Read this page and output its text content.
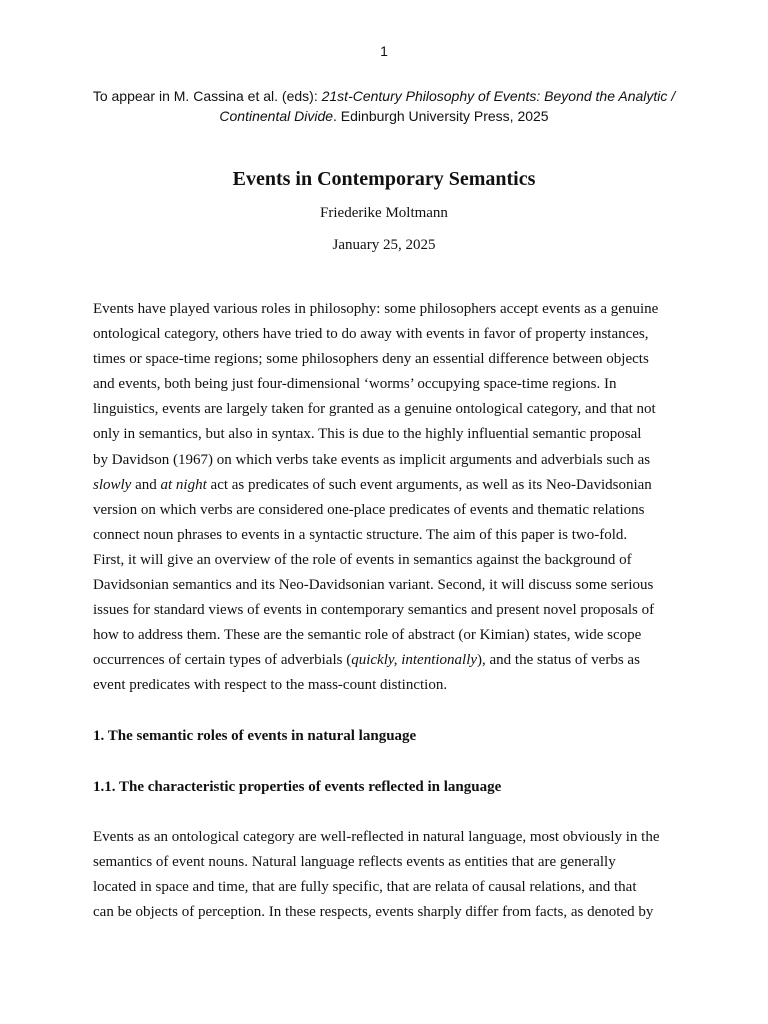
1
To appear in M. Cassina et al. (eds): 21st-Century Philosophy of Events: Beyond the Analytic /
Continental Divide. Edinburgh University Press, 2025
Events in Contemporary Semantics
Friederike Moltmann
January 25, 2025
Events have played various roles in philosophy: some philosophers accept events as a genuine
ontological category, others have tried to do away with events in favor of property instances,
times or space-time regions; some philosophers deny an essential difference between objects
and events, both being just four-dimensional ‘worms’ occupying space-time regions. In
linguistics, events are largely taken for granted as a genuine ontological category, and that not
only in semantics, but also in syntax. This is due to the highly influential semantic proposal
by Davidson (1967) on which verbs take events as implicit arguments and adverbials such as
slowly and at night act as predicates of such event arguments, as well as its Neo-Davidsonian
version on which verbs are considered one-place predicates of events and thematic relations
connect noun phrases to events in a syntactic structure. The aim of this paper is two-fold.
First, it will give an overview of the role of events in semantics against the background of
Davidsonian semantics and its Neo-Davidsonian variant. Second, it will discuss some serious
issues for standard views of events in contemporary semantics and present novel proposals of
how to address them. These are the semantic role of abstract (or Kimian) states, wide scope
occurrences of certain types of adverbials (quickly, intentionally), and the status of verbs as
event predicates with respect to the mass-count distinction.
1. The semantic roles of events in natural language
1.1. The characteristic properties of events reflected in language
Events as an ontological category are well-reflected in natural language, most obviously in the
semantics of event nouns. Natural language reflects events as entities that are generally
located in space and time, that are fully specific, that are relata of causal relations, and that
can be objects of perception. In these respects, events sharply differ from facts, as denoted by
